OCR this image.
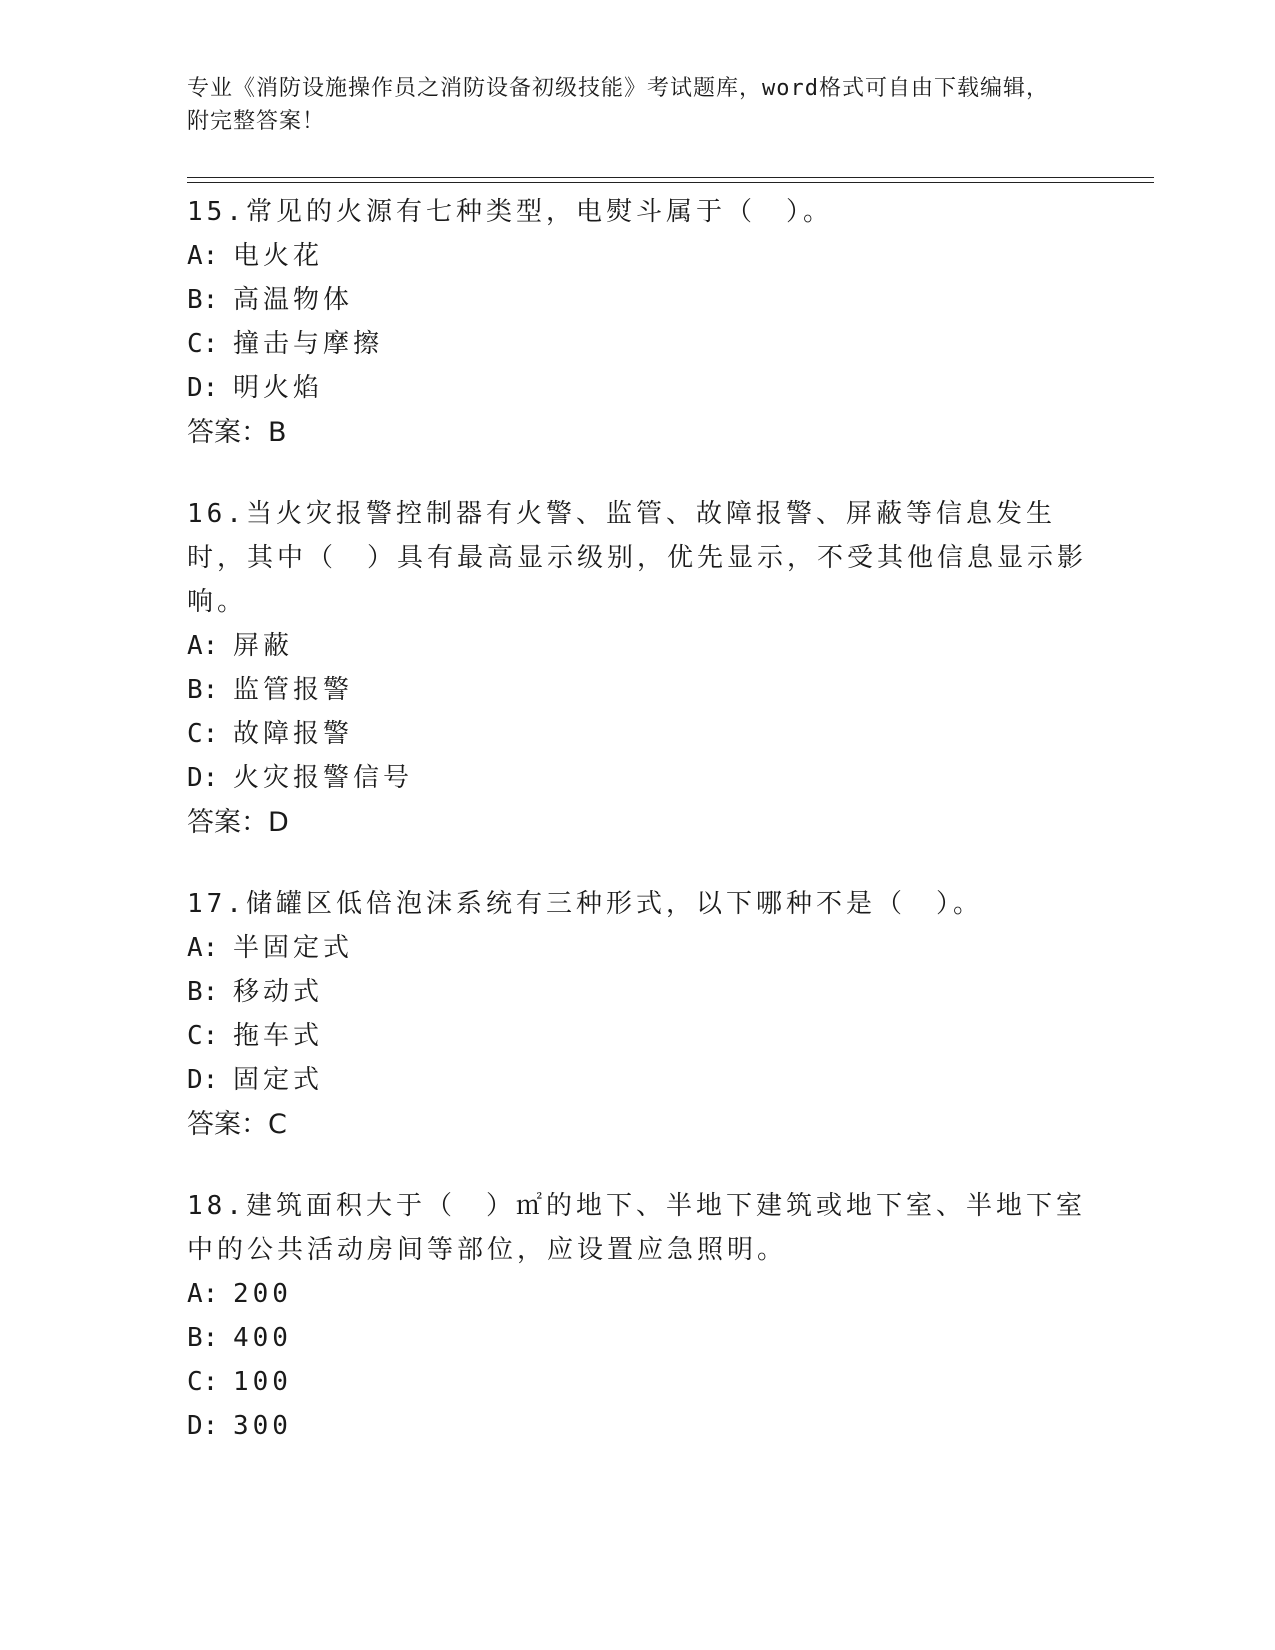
专业《消防设施操作员之消防设备初级技能》考试题库，word格式可自由下载编辑，附完整答案！

15.常见的火源有七种类型，电熨斗属于（　）。

A: 电火花
B: 高温物体
C: 撞击与摩擦
D: 明火焰

答案：B

16.当火灾报警控制器有火警、监管、故障报警、屏蔽等信息发生时，其中（　）具有最高显示级别，优先显示，不受其他信息显示影响。

A: 屏蔽
B: 监管报警
C: 故障报警
D: 火灾报警信号

答案：D

17.储罐区低倍泡沫系统有三种形式，以下哪种不是（　）。

A: 半固定式
B: 移动式
C: 拖车式
D: 固定式

答案：C

18.建筑面积大于（　）㎡的地下、半地下建筑或地下室、半地下室中的公共活动房间等部位，应设置应急照明。

A: 200
B: 400
C: 100
D: 300
